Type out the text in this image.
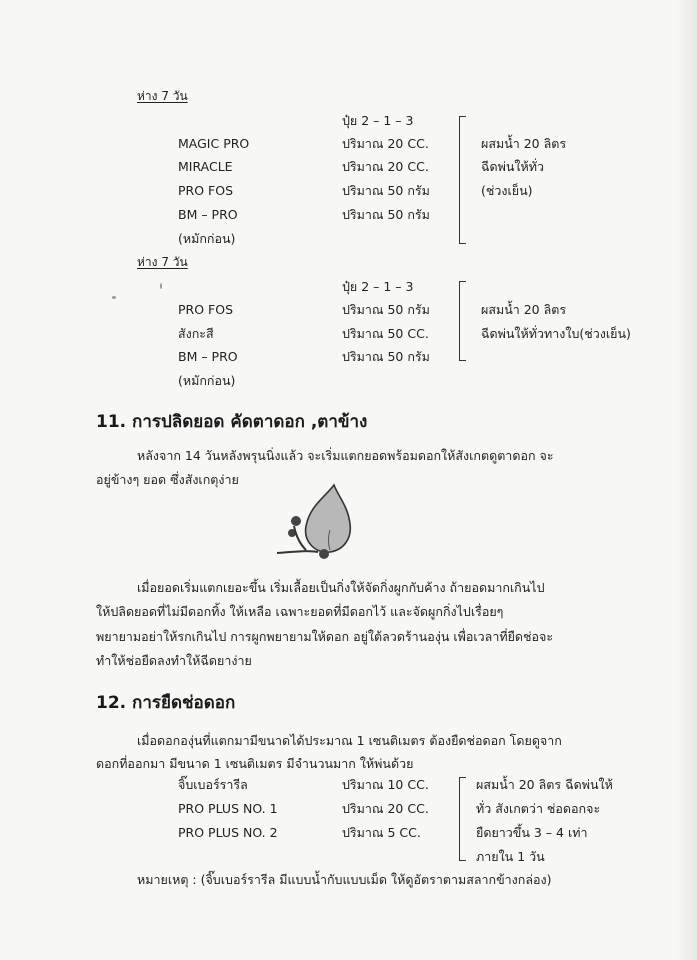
ห่าง 7 วัน
ปุ๋ย 2 – 1 – 3
MAGIC PRO
MIRACLE
PRO FOS
BM – PRO
(หมักก่อน)
ปริมาณ 20 CC.
ปริมาณ 20 CC.
ปริมาณ 50 กรัม
ปริมาณ 50 กรัม
ผสมน้ำ 20 ลิตร
ฉีดพ่นให้ทั่ว
(ช่วงเย็น)
ห่าง 7 วัน
ปุ๋ย 2 – 1 – 3
PRO FOS
สังกะสี
BM – PRO
(หมักก่อน)
ปริมาณ 50 กรัม
ปริมาณ 50 CC.
ปริมาณ 50 กรัม
ผสมน้ำ 20 ลิตร
ฉีดพ่นให้ทั่วทางใบ(ช่วงเย็น)
11. การปลิดยอด คัดตาดอก ,ตาข้าง
หลังจาก 14 วันหลังพรุนนิ่งแล้ว จะเริ่มแตกยอดพร้อมดอกให้สังเกตดูตาดอก จะ
อยู่ข้างๆ ยอด ซึ่งสังเกตุง่าย
เมื่อยอดเริ่มแตกเยอะขึ้น เริ่มเลื้อยเป็นกิ่งให้จัดกิ่งผูกกับค้าง ถ้ายอดมากเกินไป
ให้ปลิดยอดที่ไม่มีดอกทิ้ง ให้เหลือ เฉพาะยอดที่มีดอกไว้ และจัดผูกกิ่งไปเรื่อยๆ
พยายามอย่าให้รกเกินไป การผูกพยายามให้ดอก อยู่ใต้ลวดร้านองุ่น เพื่อเวลาที่ยืดช่อจะ
ทำให้ช่อยืดลงทำให้ฉีดยาง่าย
12. การยืดช่อดอก
เมื่อดอกองุ่นที่แตกมามีขนาดได้ประมาณ 1 เซนติเมตร ต้องยืดช่อดอก โดยดูจาก
ดอกที่ออกมา มีขนาด 1 เซนติเมตร มีจำนวนมาก ให้พ่นด้วย
จิ๊บเบอร์รารีล
PRO PLUS NO. 1
PRO PLUS NO. 2
ปริมาณ 10 CC.
ปริมาณ 20 CC.
ปริมาณ 5 CC.
ผสมน้ำ 20 ลิตร ฉีดพ่นให้
ทั่ว สังเกตว่า ช่อดอกจะ
ยืดยาวขึ้น 3 – 4 เท่า
ภายใน 1 วัน
หมายเหตุ : (จิ๊บเบอร์รารีล มีแบบน้ำกับแบบเม็ด ให้ดูอัตราตามสลากข้างกล่อง)
